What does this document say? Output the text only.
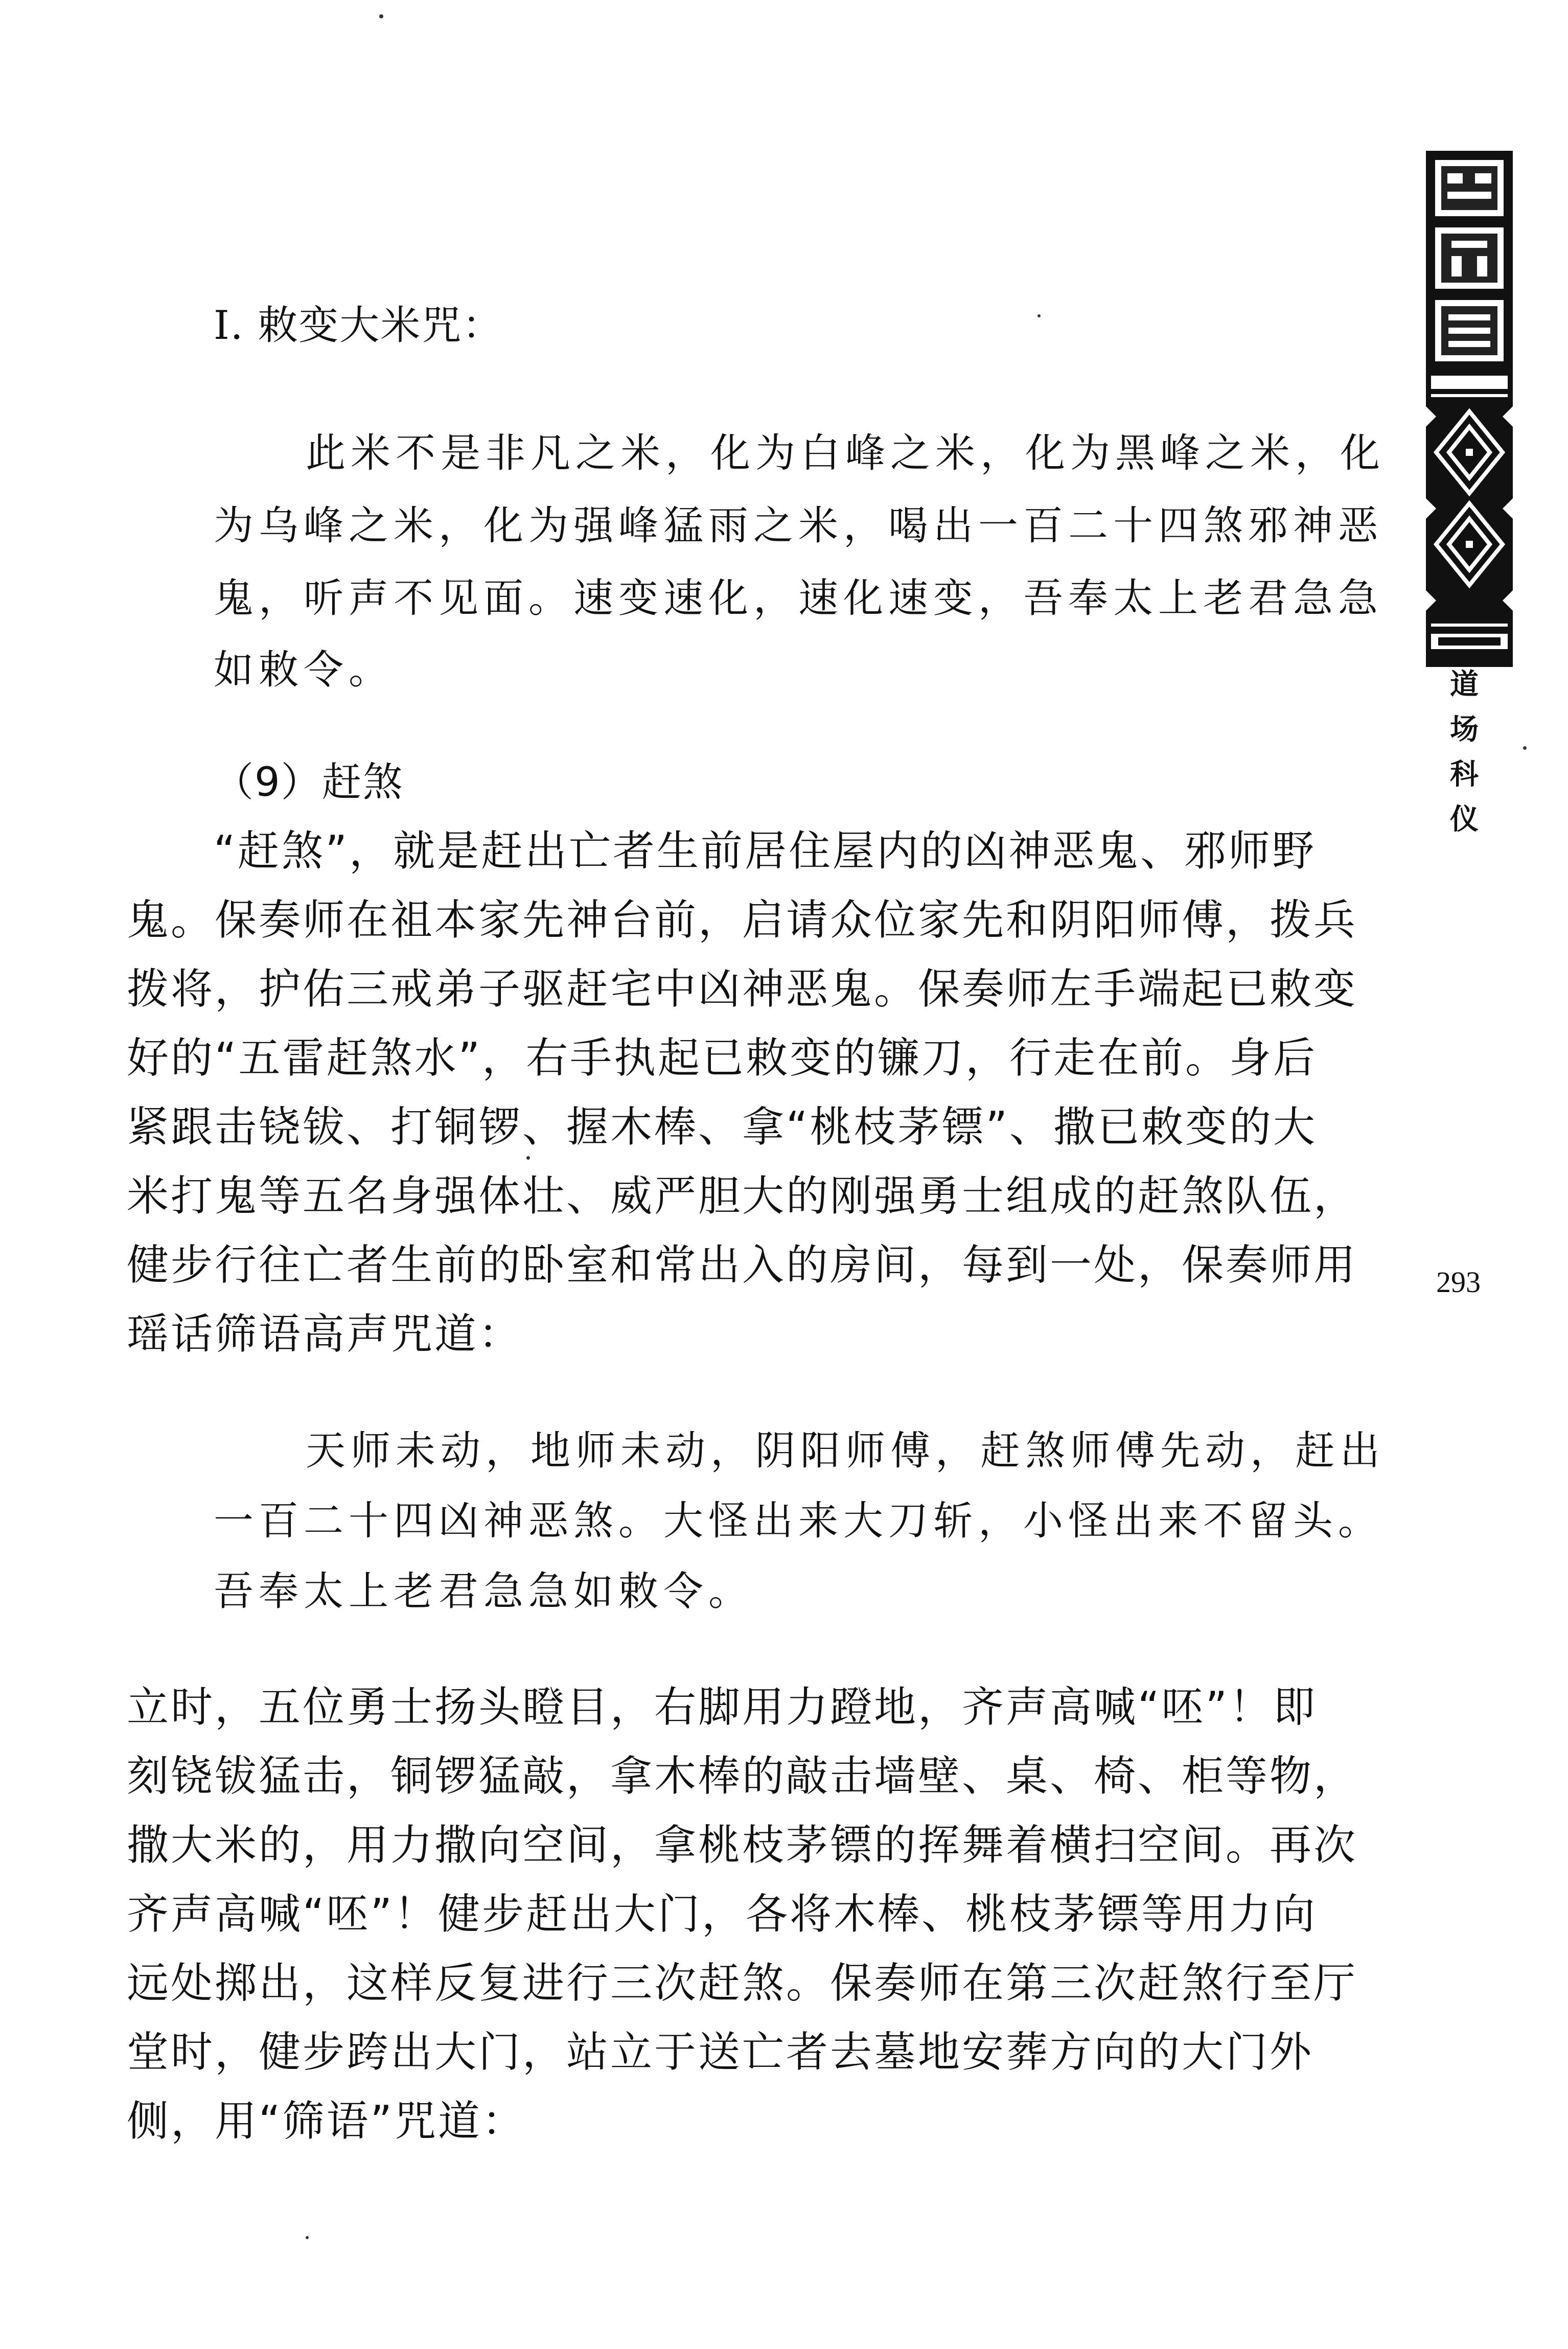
道
场
科
仪
293
I. 敕变大米咒：
此米不是非凡之米，化为白峰之米，化为黑峰之米，化
为乌峰之米，化为强峰猛雨之米，喝出一百二十四煞邪神恶
鬼，听声不见面。速变速化，速化速变，吾奉太上老君急急
如敕令。
（9）赶煞
“赶煞”，就是赶出亡者生前居住屋内的凶神恶鬼、邪师野
鬼。保奏师在祖本家先神台前，启请众位家先和阴阳师傅，拨兵
拨将，护佑三戒弟子驱赶宅中凶神恶鬼。保奏师左手端起已敕变
好的“五雷赶煞水”，右手执起已敕变的镰刀，行走在前。身后
紧跟击铙钹、打铜锣、握木棒、拿“桃枝茅镖”、撒已敕变的大
米打鬼等五名身强体壮、威严胆大的刚强勇士组成的赶煞队伍，
健步行往亡者生前的卧室和常出入的房间，每到一处，保奏师用
瑶话筛语高声咒道：
天师未动，地师未动，阴阳师傅，赶煞师傅先动，赶出
一百二十四凶神恶煞。大怪出来大刀斩，小怪出来不留头。
吾奉太上老君急急如敕令。
立时，五位勇士扬头瞪目，右脚用力蹬地，齐声高喊“呸”！即
刻铙钹猛击，铜锣猛敲，拿木棒的敲击墙壁、桌、椅、柜等物，
撒大米的，用力撒向空间，拿桃枝茅镖的挥舞着横扫空间。再次
齐声高喊“呸”！健步赶出大门，各将木棒、桃枝茅镖等用力向
远处掷出，这样反复进行三次赶煞。保奏师在第三次赶煞行至厅
堂时，健步跨出大门，站立于送亡者去墓地安葬方向的大门外
侧，用“筛语”咒道：
